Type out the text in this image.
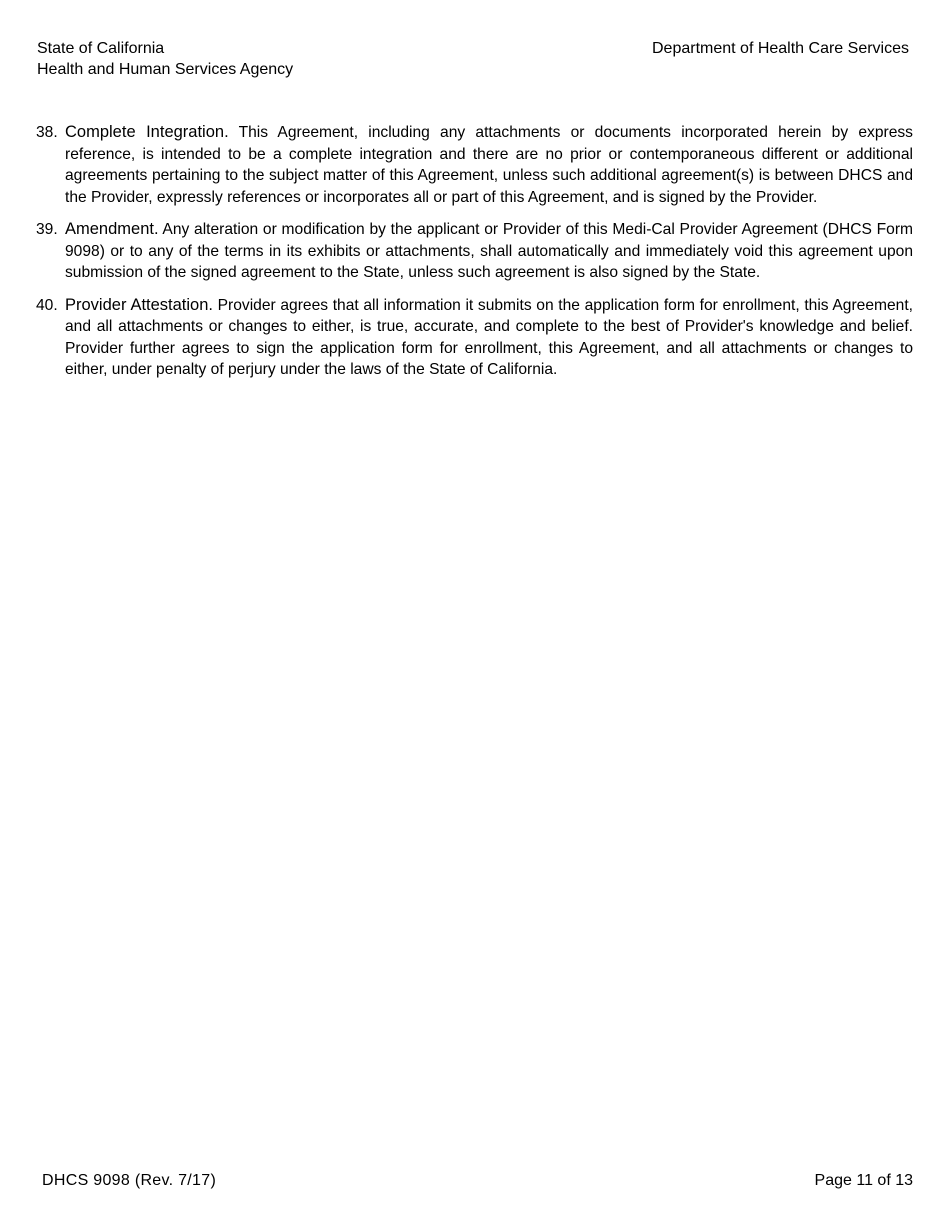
State of California
Health and Human Services Agency
Department of Health Care Services
38. Complete Integration. This Agreement, including any attachments or documents incorporated herein by express reference, is intended to be a complete integration and there are no prior or contemporaneous different or additional agreements pertaining to the subject matter of this Agreement, unless such additional agreement(s) is between DHCS and the Provider, expressly references or incorporates all or part of this Agreement, and is signed by the Provider.
39. Amendment. Any alteration or modification by the applicant or Provider of this Medi-Cal Provider Agreement (DHCS Form 9098) or to any of the terms in its exhibits or attachments, shall automatically and immediately void this agreement upon submission of the signed agreement to the State, unless such agreement is also signed by the State.
40. Provider Attestation. Provider agrees that all information it submits on the application form for enrollment, this Agreement, and all attachments or changes to either, is true, accurate, and complete to the best of Provider's knowledge and belief. Provider further agrees to sign the application form for enrollment, this Agreement, and all attachments or changes to either, under penalty of perjury under the laws of the State of California.
DHCS 9098 (Rev. 7/17)	Page 11 of 13
